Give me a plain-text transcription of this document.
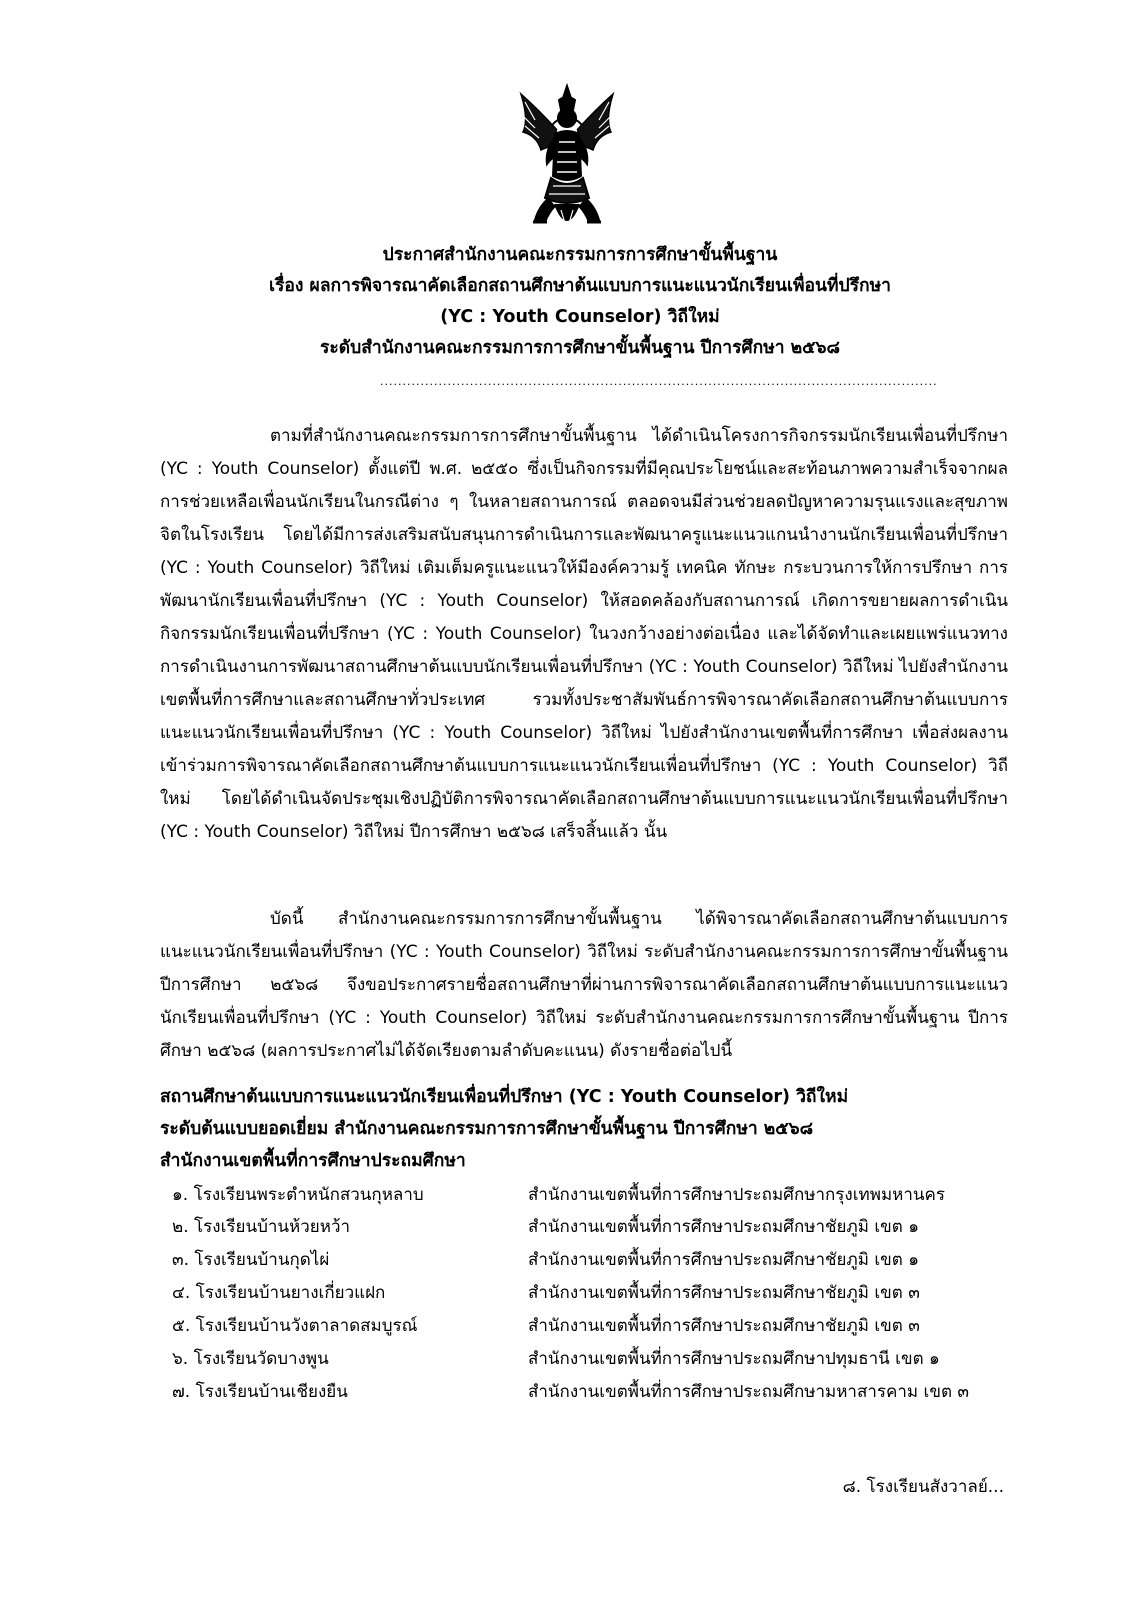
ประกาศสำนักงานคณะกรรมการการศึกษาขั้นพื้นฐาน
เรื่อง ผลการพิจารณาคัดเลือกสถานศึกษาต้นแบบการแนะแนวนักเรียนเพื่อนที่ปรึกษา
(YC : Youth Counselor) วิถีใหม่
ระดับสำนักงานคณะกรรมการการศึกษาขั้นพื้นฐาน ปีการศึกษา ๒๕๖๘
............................................................................................................................

ตามที่สำนักงานคณะกรรมการการศึกษาขั้นพื้นฐาน ได้ดำเนินโครงการกิจกรรมนักเรียนเพื่อนที่ปรึกษา (YC : Youth Counselor) ตั้งแต่ปี พ.ศ. ๒๕๕๐ ซึ่งเป็นกิจกรรมที่มีคุณประโยชน์และสะท้อนภาพความสำเร็จจากผลการช่วยเหลือเพื่อนนักเรียนในกรณีต่าง ๆ ในหลายสถานการณ์ ตลอดจนมีส่วนช่วยลดปัญหาความรุนแรงและสุขภาพจิตในโรงเรียน โดยได้มีการส่งเสริมสนับสนุนการดำเนินการและพัฒนาครูแนะแนวแกนนำงานนักเรียนเพื่อนที่ปรึกษา (YC : Youth Counselor) วิถีใหม่ เติมเต็มครูแนะแนวให้มีองค์ความรู้ เทคนิค ทักษะ กระบวนการให้การปรึกษา การพัฒนานักเรียนเพื่อนที่ปรึกษา (YC : Youth Counselor) ให้สอดคล้องกับสถานการณ์ เกิดการขยายผลการดำเนินกิจกรรมนักเรียนเพื่อนที่ปรึกษา (YC : Youth Counselor) ในวงกว้างอย่างต่อเนื่อง และได้จัดทำและเผยแพร่แนวทางการดำเนินงานการพัฒนาสถานศึกษาต้นแบบนักเรียนเพื่อนที่ปรึกษา (YC : Youth Counselor) วิถีใหม่ ไปยังสำนักงานเขตพื้นที่การศึกษาและสถานศึกษาทั่วประเทศ รวมทั้งประชาสัมพันธ์การพิจารณาคัดเลือกสถานศึกษาต้นแบบการแนะแนวนักเรียนเพื่อนที่ปรึกษา (YC : Youth Counselor) วิถีใหม่ ไปยังสำนักงานเขตพื้นที่การศึกษา เพื่อส่งผลงานเข้าร่วมการพิจารณาคัดเลือกสถานศึกษาต้นแบบการแนะแนวนักเรียนเพื่อนที่ปรึกษา (YC : Youth Counselor) วิถีใหม่ โดยได้ดำเนินจัดประชุมเชิงปฏิบัติการพิจารณาคัดเลือกสถานศึกษาต้นแบบการแนะแนวนักเรียนเพื่อนที่ปรึกษา (YC : Youth Counselor) วิถีใหม่ ปีการศึกษา ๒๕๖๘ เสร็จสิ้นแล้ว นั้น

บัดนี้ สำนักงานคณะกรรมการการศึกษาขั้นพื้นฐาน ได้พิจารณาคัดเลือกสถานศึกษาต้นแบบการแนะแนวนักเรียนเพื่อนที่ปรึกษา (YC : Youth Counselor) วิถีใหม่ ระดับสำนักงานคณะกรรมการการศึกษาขั้นพื้นฐาน ปีการศึกษา ๒๕๖๘ จึงขอประกาศรายชื่อสถานศึกษาที่ผ่านการพิจารณาคัดเลือกสถานศึกษาต้นแบบการแนะแนวนักเรียนเพื่อนที่ปรึกษา (YC : Youth Counselor) วิถีใหม่ ระดับสำนักงานคณะกรรมการการศึกษาขั้นพื้นฐาน ปีการศึกษา ๒๕๖๘ (ผลการประกาศไม่ได้จัดเรียงตามลำดับคะแนน) ดังรายชื่อต่อไปนี้

สถานศึกษาต้นแบบการแนะแนวนักเรียนเพื่อนที่ปรึกษา (YC : Youth Counselor) วิถีใหม่
ระดับต้นแบบยอดเยี่ยม สำนักงานคณะกรรมการการศึกษาขั้นพื้นฐาน ปีการศึกษา ๒๕๖๘
สำนักงานเขตพื้นที่การศึกษาประถมศึกษา
๑. โรงเรียนพระตำหนักสวนกุหลาบ	สำนักงานเขตพื้นที่การศึกษาประถมศึกษากรุงเทพมหานคร
๒. โรงเรียนบ้านห้วยหว้า	สำนักงานเขตพื้นที่การศึกษาประถมศึกษาชัยภูมิ เขต ๑
๓. โรงเรียนบ้านกุดไผ่	สำนักงานเขตพื้นที่การศึกษาประถมศึกษาชัยภูมิ เขต ๑
๔. โรงเรียนบ้านยางเกี่ยวแฝก	สำนักงานเขตพื้นที่การศึกษาประถมศึกษาชัยภูมิ เขต ๓
๕. โรงเรียนบ้านวังตาลาดสมบูรณ์	สำนักงานเขตพื้นที่การศึกษาประถมศึกษาชัยภูมิ เขต ๓
๖. โรงเรียนวัดบางพูน	สำนักงานเขตพื้นที่การศึกษาประถมศึกษาปทุมธานี เขต ๑
๗. โรงเรียนบ้านเชียงยืน	สำนักงานเขตพื้นที่การศึกษาประถมศึกษามหาสารคาม เขต ๓
๘. โรงเรียนสังวาลย์...
